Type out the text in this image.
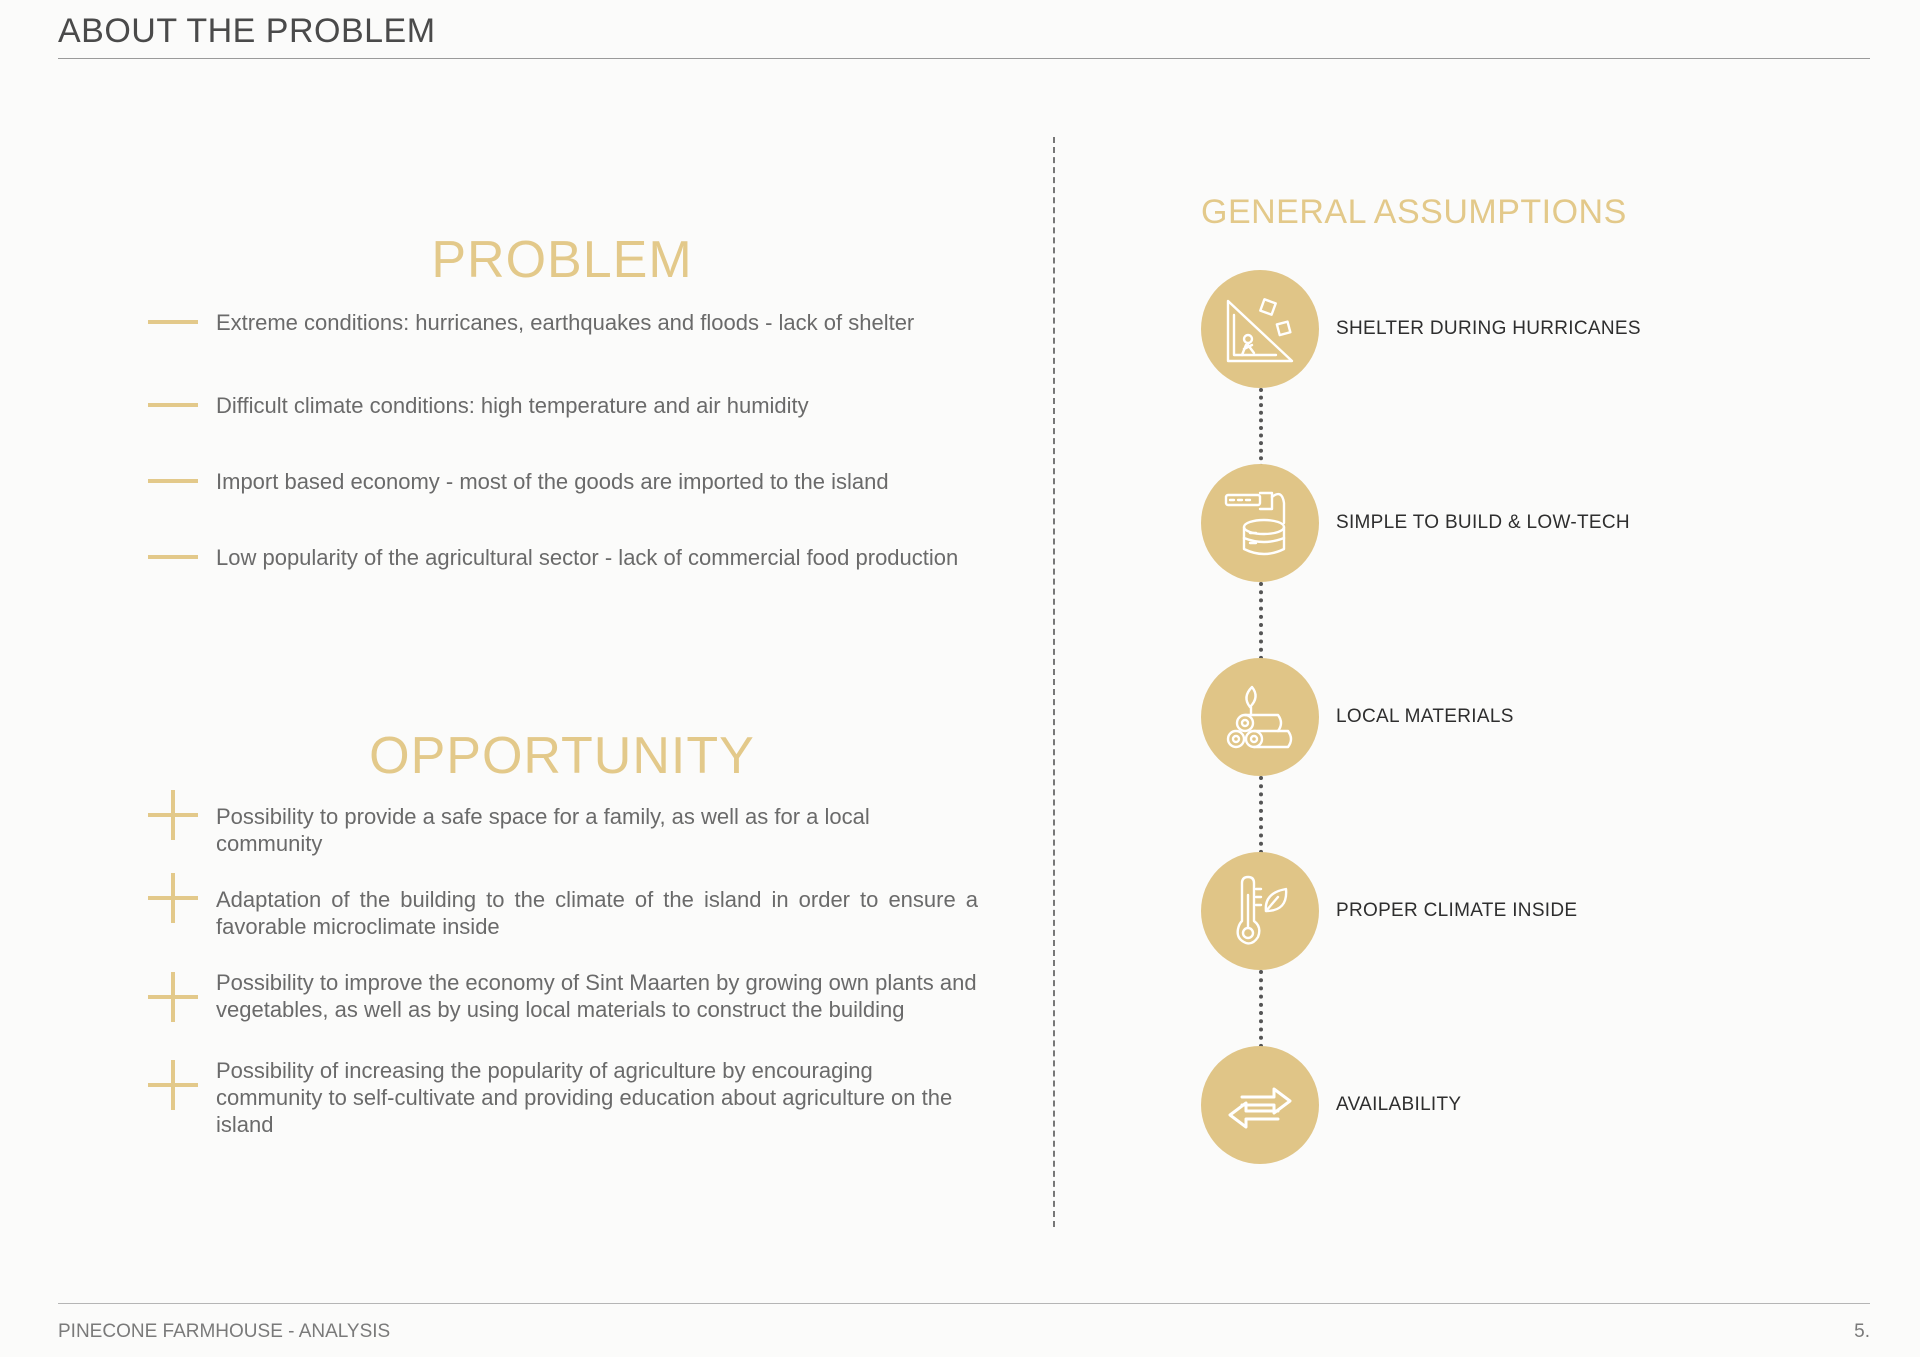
ABOUT THE PROBLEM
PROBLEM
Extreme conditions: hurricanes, earthquakes and floods - lack of shelter
Difficult climate conditions: high temperature and air humidity
Import based economy - most of the goods are imported to the island
Low popularity of the agricultural sector - lack of commercial food production
OPPORTUNITY
Possibility to provide a safe space for a family, as well as for a local community
Adaptation of the building to the climate of the island in order to ensure a favorable microclimate inside
Possibility to improve the economy of Sint Maarten by growing own plants and vegetables, as well as by using local materials to construct the building
Possibility of increasing the popularity of agriculture by encouraging community to self-cultivate and providing education about agriculture on the island
GENERAL ASSUMPTIONS
SHELTER DURING HURRICANES
SIMPLE TO BUILD & LOW-TECH
LOCAL MATERIALS
PROPER CLIMATE INSIDE
AVAILABILITY
PINECONE FARMHOUSE - ANALYSIS	5.
